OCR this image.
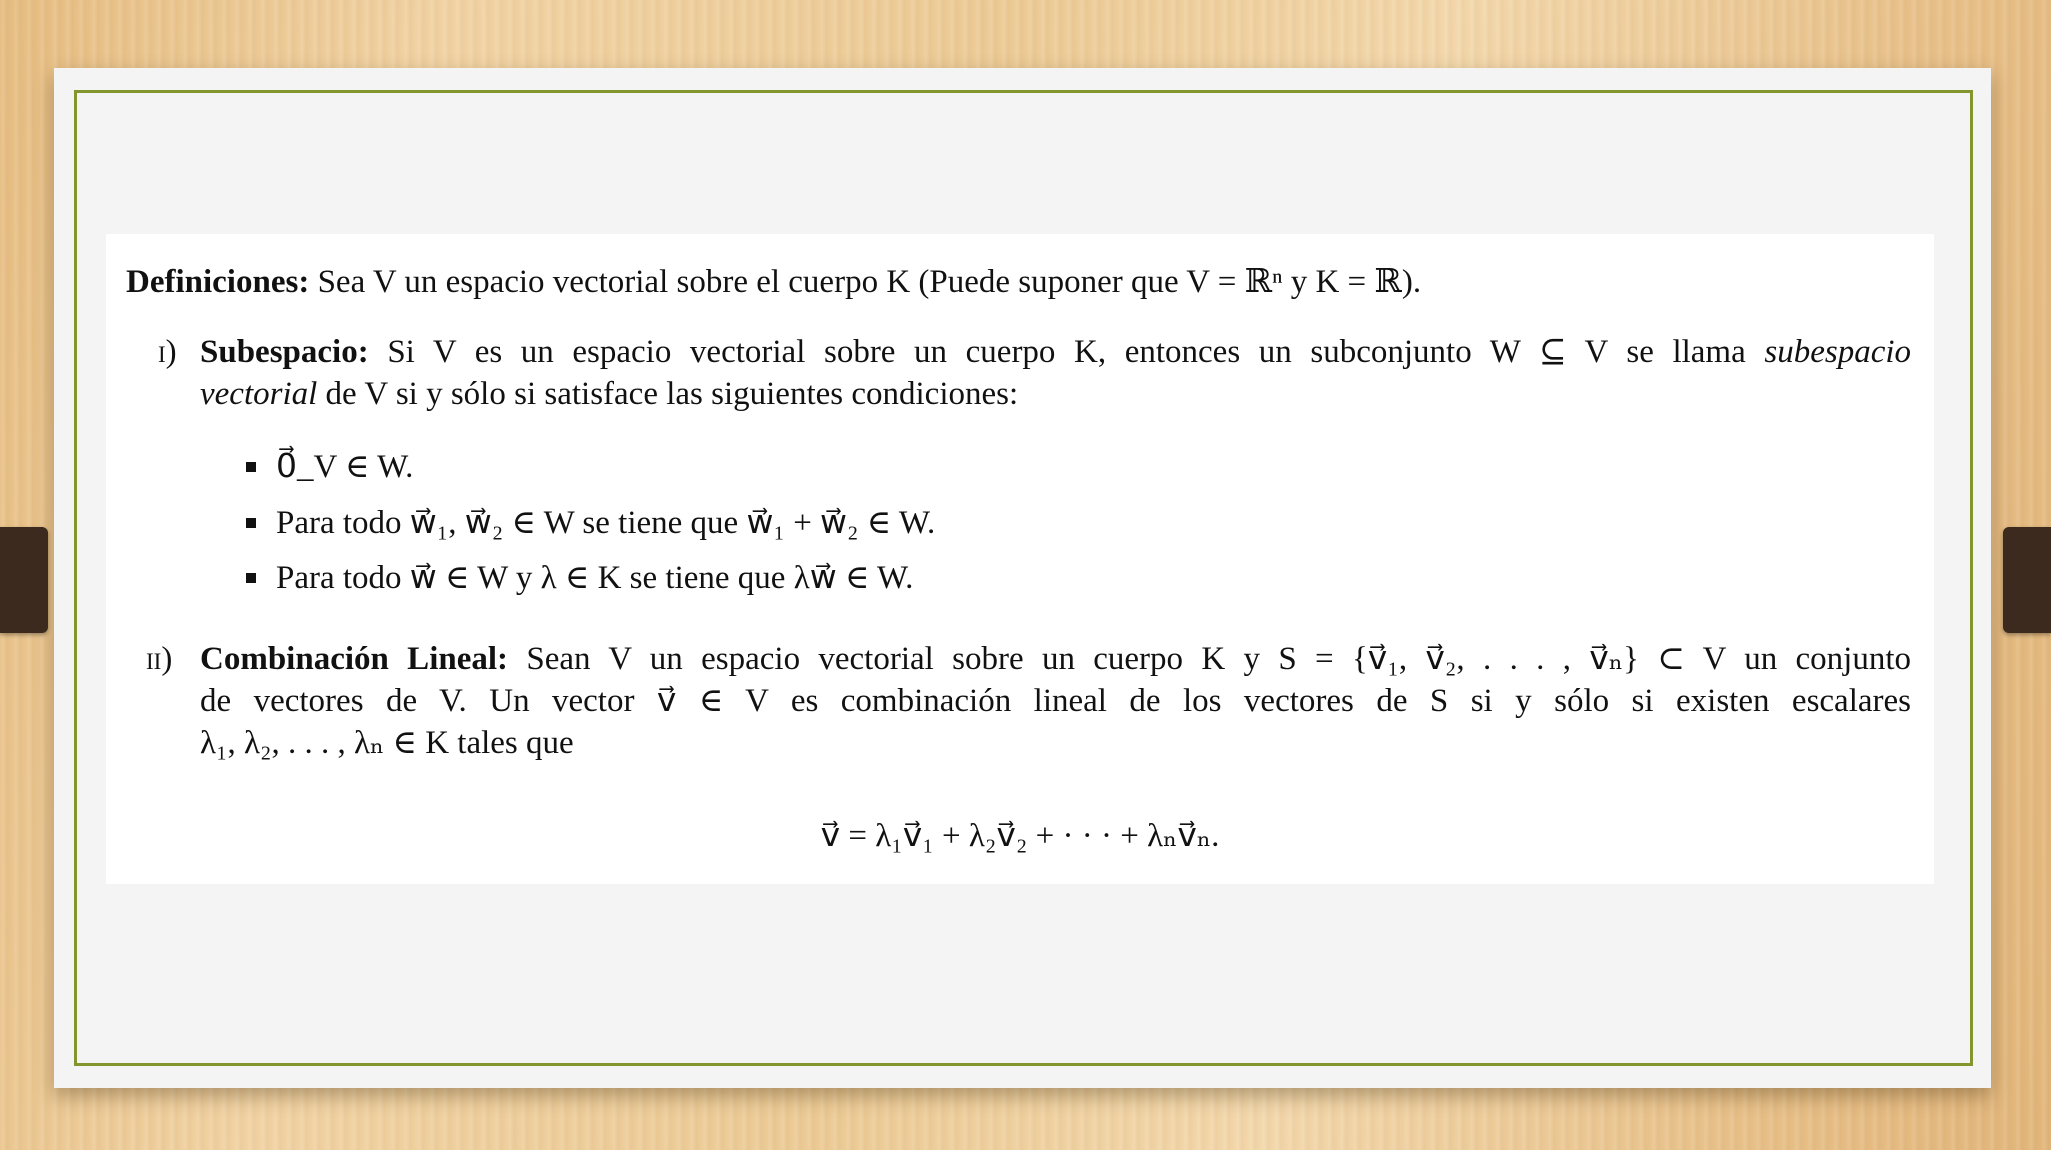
Definiciones: Sea V un espacio vectorial sobre el cuerpo K (Puede suponer que V = ℝⁿ y K = ℝ).
i) Subespacio: Si V es un espacio vectorial sobre un cuerpo K, entonces un subconjunto W ⊆ V se llama subespacio
vectorial de V si y sólo si satisface las siguientes condiciones:
0⃗_V ∈ W.
Para todo w⃗₁, w⃗₂ ∈ W se tiene que w⃗₁ + w⃗₂ ∈ W.
Para todo w⃗ ∈ W y λ ∈ K se tiene que λw⃗ ∈ W.
ii) Combinación Lineal: Sean V un espacio vectorial sobre un cuerpo K y S = {v⃗₁, v⃗₂, . . . , v⃗ₙ} ⊂ V un conjunto
de vectores de V. Un vector v⃗ ∈ V es combinación lineal de los vectores de S si y sólo si existen escalares
λ₁, λ₂, . . . , λₙ ∈ K tales que
v⃗ = λ₁v⃗₁ + λ₂v⃗₂ + · · · + λₙv⃗ₙ.
